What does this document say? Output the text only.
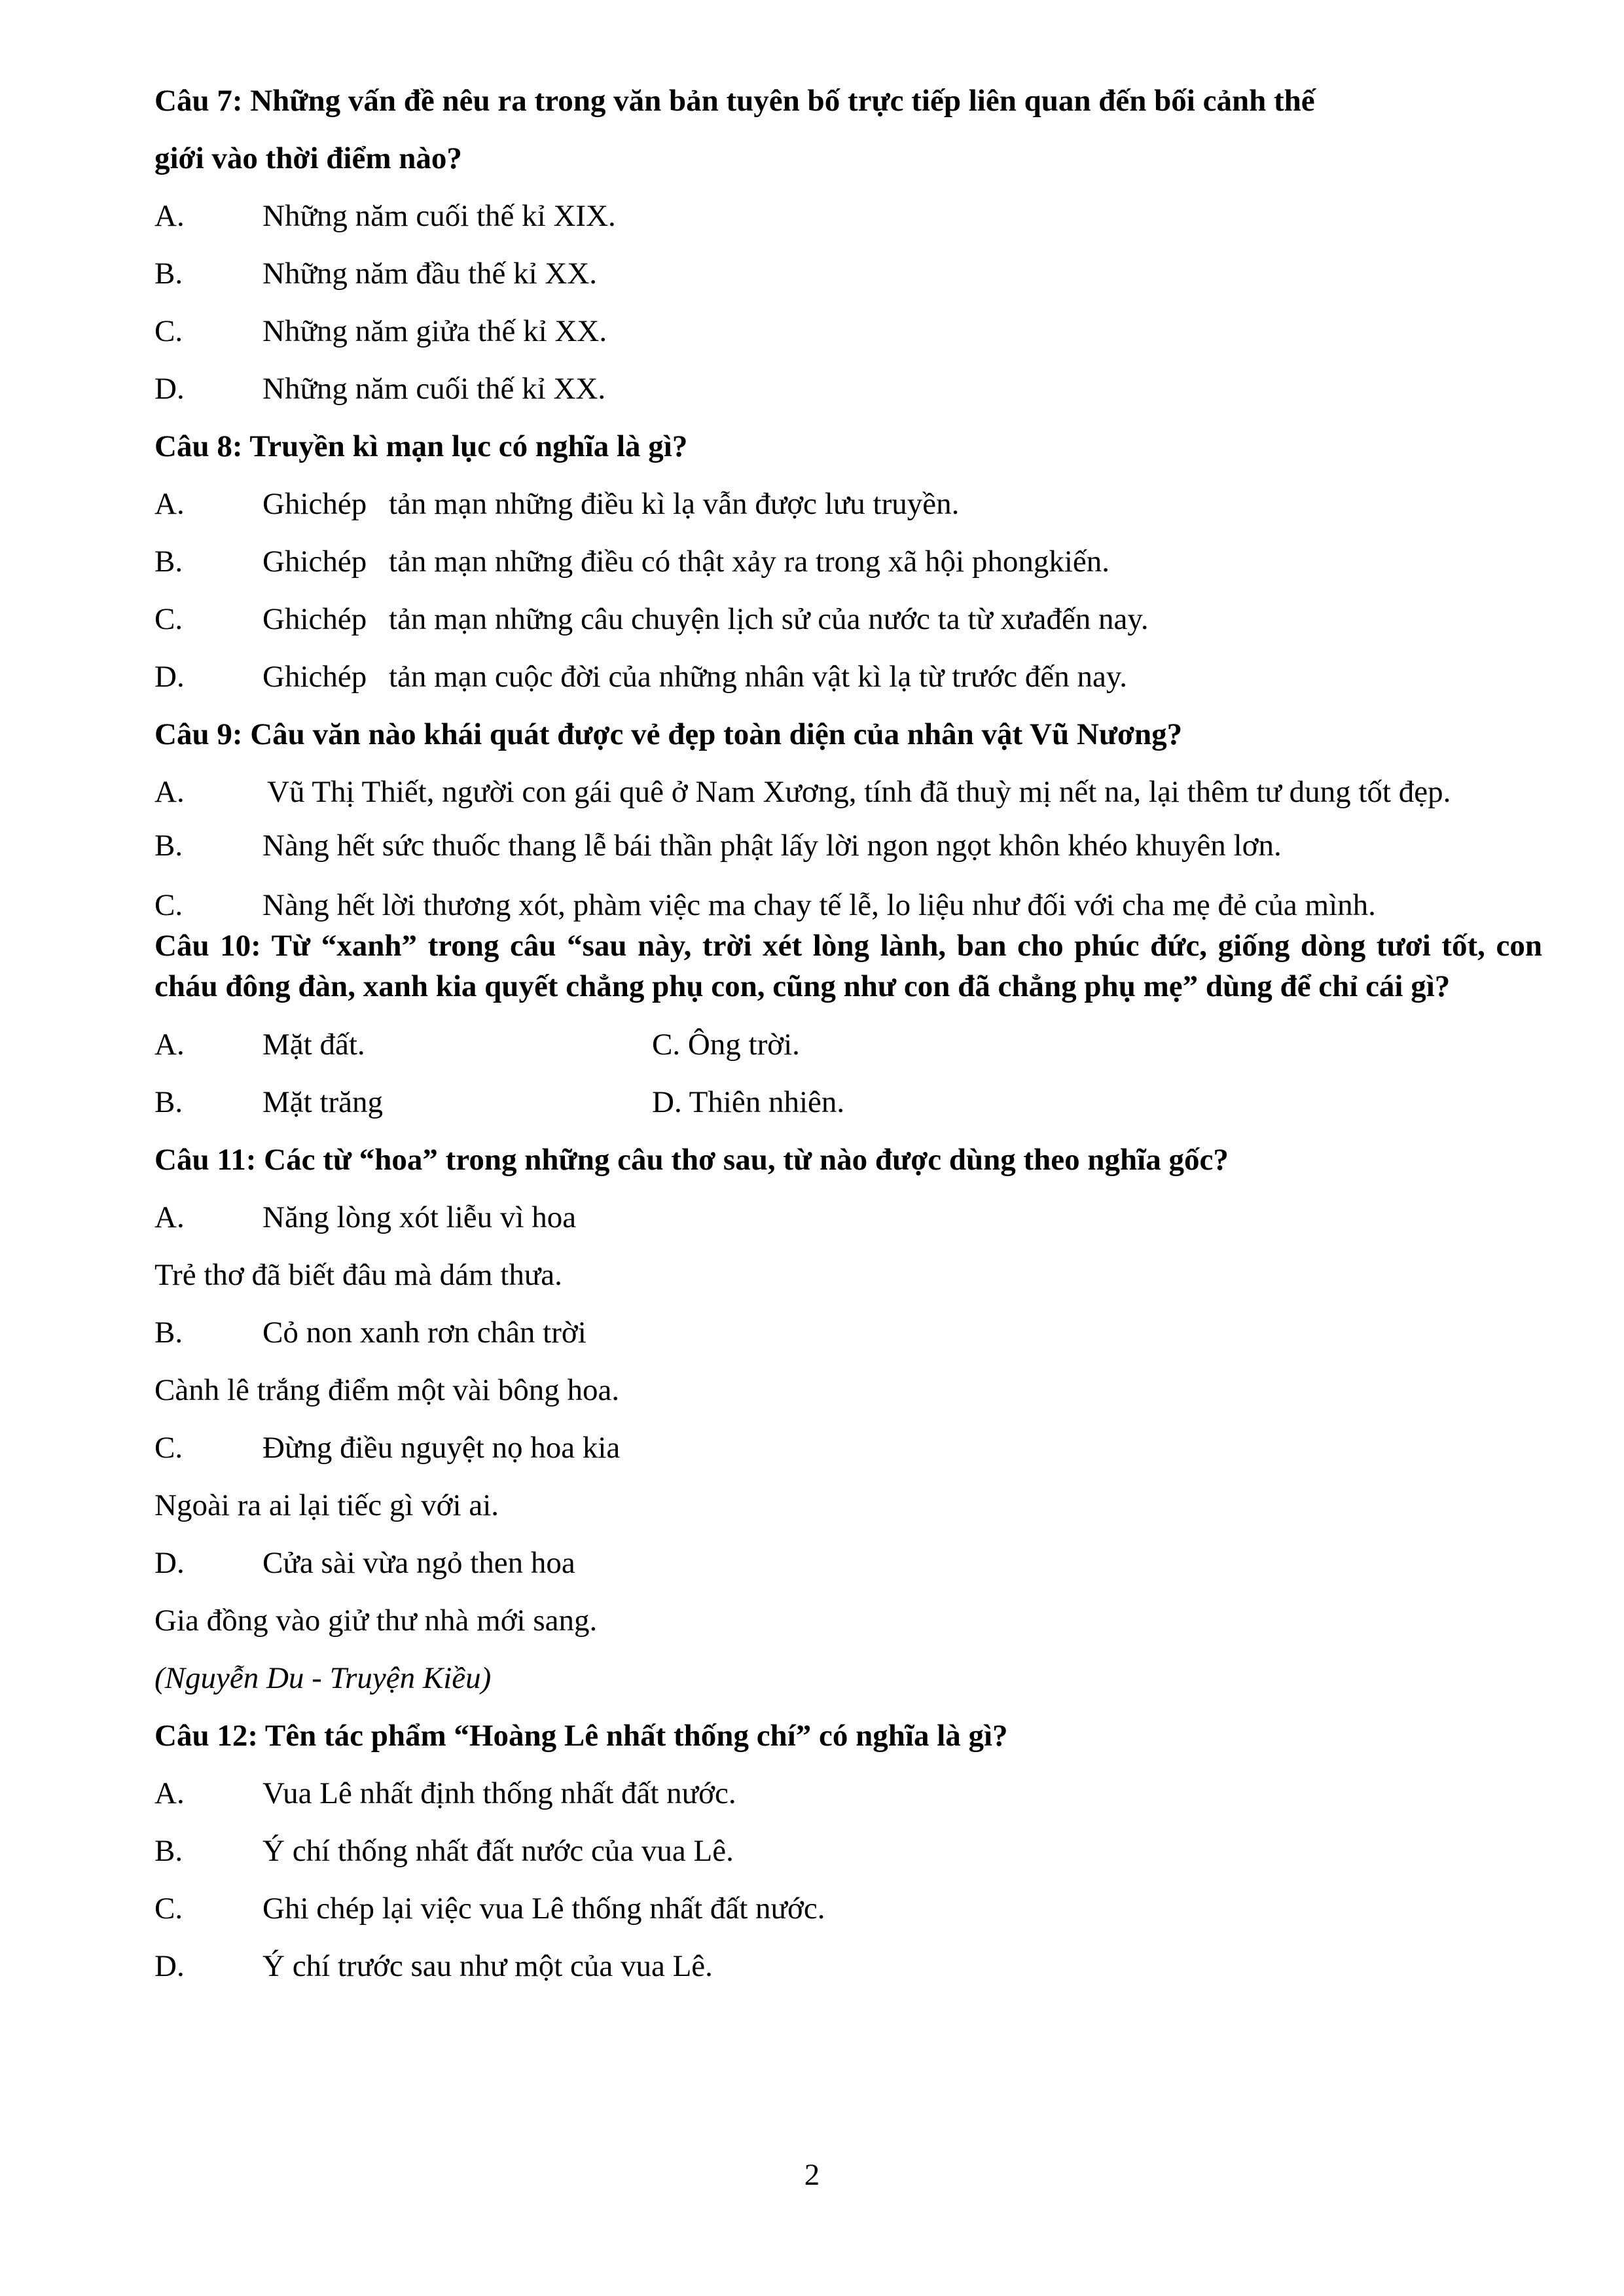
Câu 7: Những vấn đề nêu ra trong văn bản tuyên bố trực tiếp liên quan đến bối cảnh thế
giới vào thời điểm nào?
A.	Những năm cuối thế kỉ XIX.
B.	Những năm đầu thế kỉ XX.
C.	Những năm giửa thế kỉ XX.
D.	Những năm cuối thế kỉ XX.
Câu 8: Truyền kì mạn lục có nghĩa là gì?
A.	Ghichép tản mạn những điều kì lạ vẫn được lưu truyền.
B.	Ghichép tản mạn những điều có thật xảy ra trong xã hội phongkiến.
C.	Ghichép tản mạn những câu chuyện lịch sử của nước ta từ xưađến nay.
D.	Ghichép tản mạn cuộc đời của những nhân vật kì lạ từ trước đến nay.
Câu 9: Câu văn nào khái quát được vẻ đẹp toàn diện của nhân vật Vũ Nương?
A.	Vũ Thị Thiết, người con gái quê ở Nam Xương, tính đã thuỳ mị nết na, lại thêm tư dung tốt đẹp.
B.	Nàng hết sức thuốc thang lễ bái thần phật lấy lời ngon ngọt khôn khéo khuyên lơn.
C.	Nàng hết lời thương xót, phàm việc ma chay tế lễ, lo liệu như đối với cha mẹ đẻ của mình.
Câu 10: Từ “xanh” trong câu “sau này, trời xét lòng lành, ban cho phúc đức, giống dòng tươi tốt, con cháu đông đàn, xanh kia quyết chẳng phụ con, cũng như con đã chẳng phụ mẹ” dùng để chỉ cái gì?
A.	Mặt đất.	C. Ông trời.
B.	Mặt trăng	D. Thiên nhiên.
Câu 11: Các từ “hoa” trong những câu thơ sau, từ nào được dùng theo nghĩa gốc?
A.	Năng lòng xót liễu vì hoa
Trẻ thơ đã biết đâu mà dám thưa.
B.	Cỏ non xanh rơn chân trời
Cành lê trắng điểm một vài bông hoa.
C.	Đừng điều nguyệt nọ hoa kia
Ngoài ra ai lại tiếc gì với ai.
D.	Cửa sài vừa ngỏ then hoa
Gia đồng vào giử thư nhà mới sang.
(Nguyễn Du - Truyện Kiều)
Câu 12: Tên tác phẩm “Hoàng Lê nhất thống chí” có nghĩa là gì?
A.	Vua Lê nhất định thống nhất đất nước.
B.	Ý chí thống nhất đất nước của vua Lê.
C.	Ghi chép lại việc vua Lê thống nhất đất nước.
D.	Ý chí trước sau như một của vua Lê.
2
